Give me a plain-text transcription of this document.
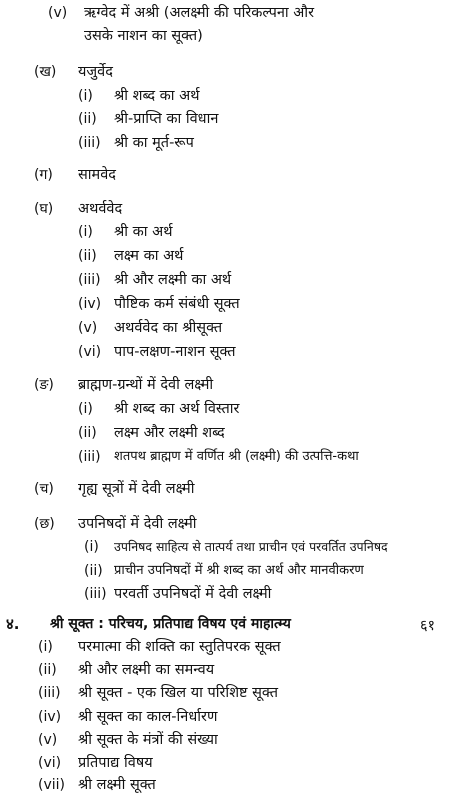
(v) ऋग्वेद में अश्री (अलक्ष्मी की परिकल्पना और
उसके नाशन का सूक्त)
(ख) यजुर्वेद
(i) श्री शब्द का अर्थ
(ii) श्री-प्राप्ति का विधान
(iii) श्री का मूर्त-रूप
(ग) सामवेद
(घ) अथर्ववेद
(i) श्री का अर्थ
(ii) लक्ष्म का अर्थ
(iii) श्री और लक्ष्मी का अर्थ
(iv) पौष्टिक कर्म संबंधी सूक्त
(v) अथर्ववेद का श्रीसूक्त
(vi) पाप-लक्षण-नाशन सूक्त
(ङ) ब्राह्मण-ग्रन्थों में देवी लक्ष्मी
(i) श्री शब्द का अर्थ विस्तार
(ii) लक्ष्म और लक्ष्मी शब्द
(iii) शतपथ ब्राह्मण में वर्णित श्री (लक्ष्मी) की उत्पत्ति-कथा
(च) गृह्य सूत्रों में देवी लक्ष्मी
(छ) उपनिषदों में देवी लक्ष्मी
(i) उपनिषद साहित्य से तात्पर्य तथा प्राचीन एवं परवर्तित उपनिषद
(ii) प्राचीन उपनिषदों में श्री शब्द का अर्थ और मानवीकरण
(iii) परवर्ती उपनिषदों में देवी लक्ष्मी
४. श्री सूक्त : परिचय, प्रतिपाद्य विषय एवं माहात्म्य	६१
(i) परमात्मा की शक्ति का स्तुतिपरक सूक्त
(ii) श्री और लक्ष्मी का समन्वय
(iii) श्री सूक्त - एक खिल या परिशिष्ट सूक्त
(iv) श्री सूक्त का काल-निर्धारण
(v) श्री सूक्त के मंत्रों की संख्या
(vi) प्रतिपाद्य विषय
(vii) श्री लक्ष्मी सूक्त
